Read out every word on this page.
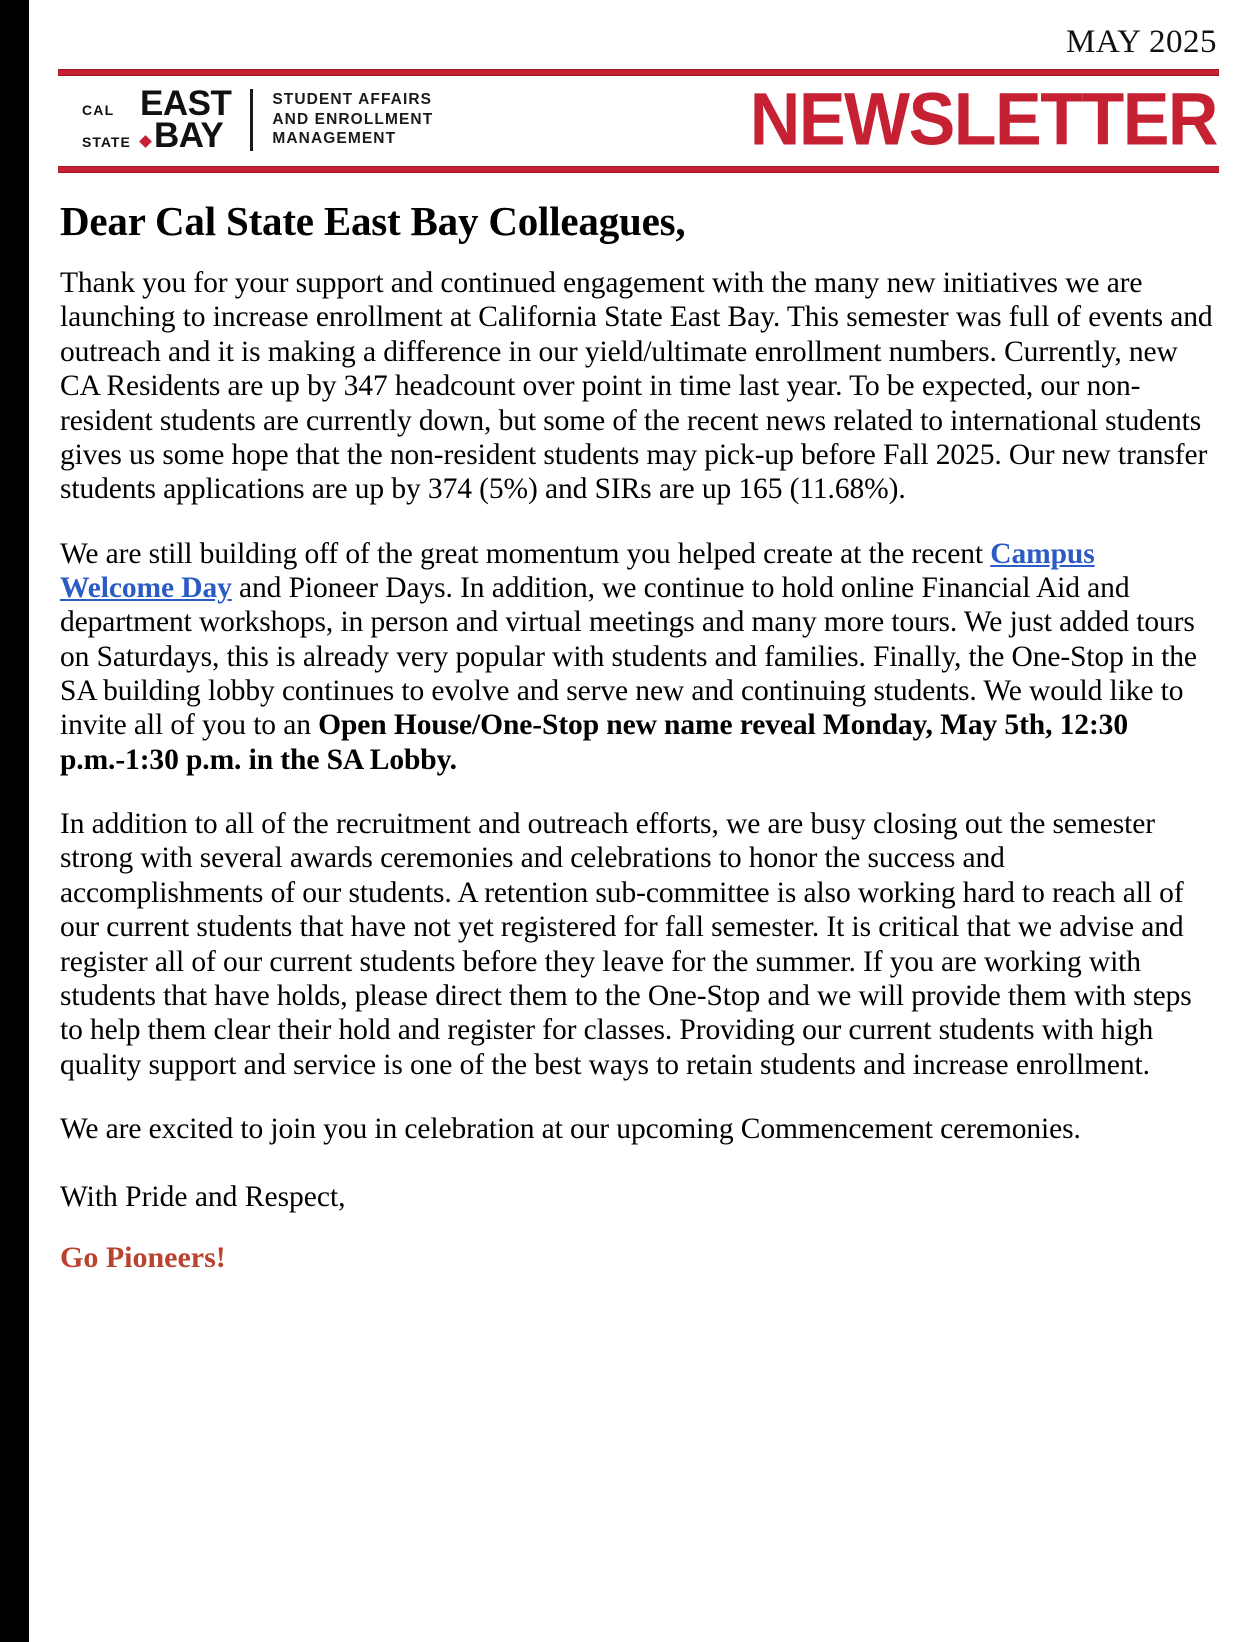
MAY 2025
CAL EAST
STATE BAY
STUDENT AFFAIRS
AND ENROLLMENT
MANAGEMENT	NEWSLETTER
Dear Cal State East Bay Colleagues,

Thank you for your support and continued engagement with the many new initiatives we are launching to increase enrollment at California State East Bay. This semester was full of events and outreach and it is making a difference in our yield/ultimate enrollment numbers. Currently, new CA Residents are up by 347 headcount over point in time last year. To be expected, our non-resident students are currently down, but some of the recent news related to international students gives us some hope that the non-resident students may pick-up before Fall 2025. Our new transfer students applications are up by 374 (5%) and SIRs are up 165 (11.68%).

We are still building off of the great momentum you helped create at the recent Campus Welcome Day and Pioneer Days. In addition, we continue to hold online Financial Aid and department workshops, in person and virtual meetings and many more tours. We just added tours on Saturdays, this is already very popular with students and families. Finally, the One-Stop in the SA building lobby continues to evolve and serve new and continuing students. We would like to invite all of you to an Open House/One-Stop new name reveal Monday, May 5th, 12:30 p.m.-1:30 p.m. in the SA Lobby.

In addition to all of the recruitment and outreach efforts, we are busy closing out the semester strong with several awards ceremonies and celebrations to honor the success and accomplishments of our students. A retention sub-committee is also working hard to reach all of our current students that have not yet registered for fall semester. It is critical that we advise and register all of our current students before they leave for the summer. If you are working with students that have holds, please direct them to the One-Stop and we will provide them with steps to help them clear their hold and register for classes. Providing our current students with high quality support and service is one of the best ways to retain students and increase enrollment.

We are excited to join you in celebration at our upcoming Commencement ceremonies.

With Pride and Respect,

Go Pioneers!
